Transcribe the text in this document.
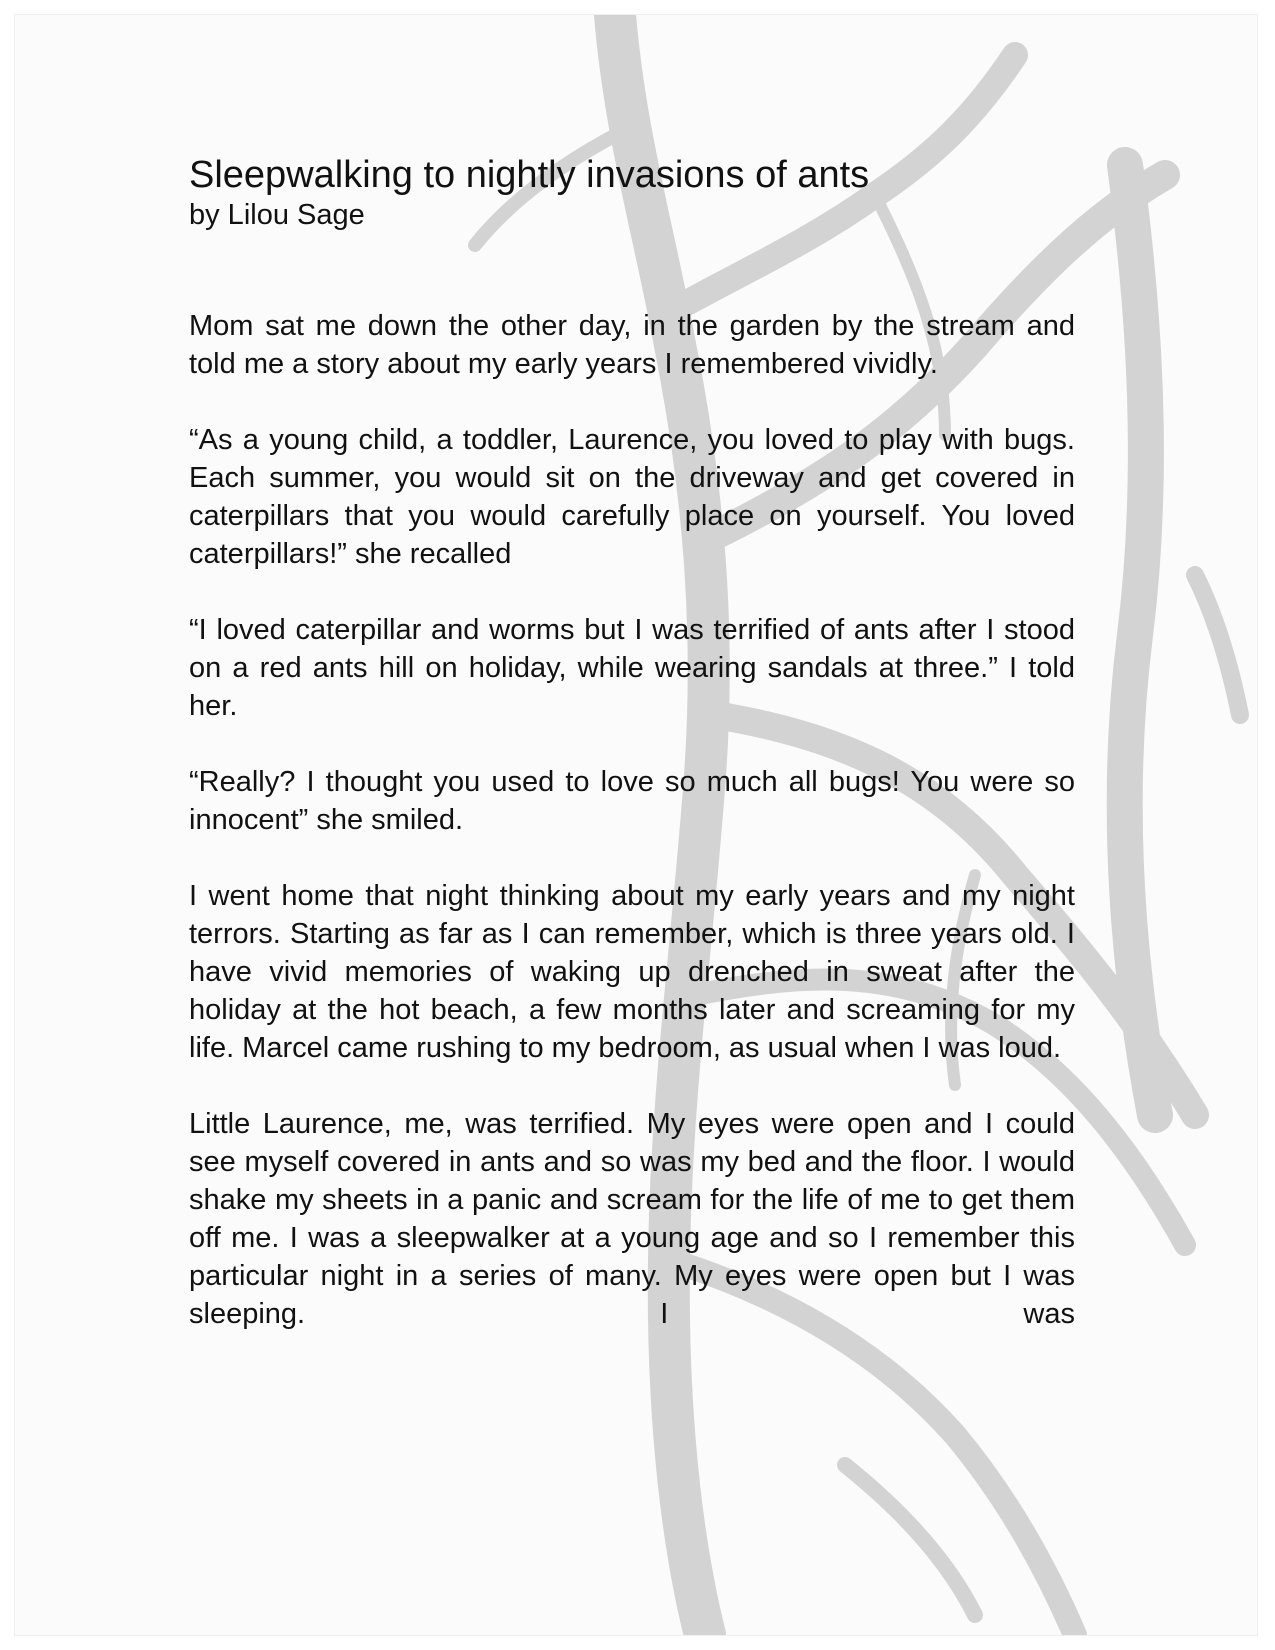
Sleepwalking to nightly invasions of ants

by Lilou Sage

Mom sat me down the other day, in the garden by the stream and told me a story about my early years I remembered vividly.

“As a young child, a toddler, Laurence, you loved to play with bugs. Each summer, you would sit on the driveway and get covered in caterpillars that you would carefully place on yourself. You loved caterpillars!” she recalled

“I loved caterpillar and worms but I was terrified of ants after I stood on a red ants hill on holiday, while wearing sandals at three.” I told her.

“Really? I thought you used to love so much all bugs! You were so innocent” she smiled.

I went home that night thinking about my early years and my night terrors. Starting as far as I can remember, which is three years old. I have vivid memories of waking up drenched in sweat after the holiday at the hot beach, a few months later and screaming for my life. Marcel came rushing to my bedroom, as usual when I was loud.

Little Laurence, me, was terrified. My eyes were open and I could see myself covered in ants and so was my bed and the floor. I would shake my sheets in a panic and scream for the life of me to get them off me. I was a sleepwalker at a young age and so I remember this particular night in a series of many. My eyes were open but I was sleeping. I was
